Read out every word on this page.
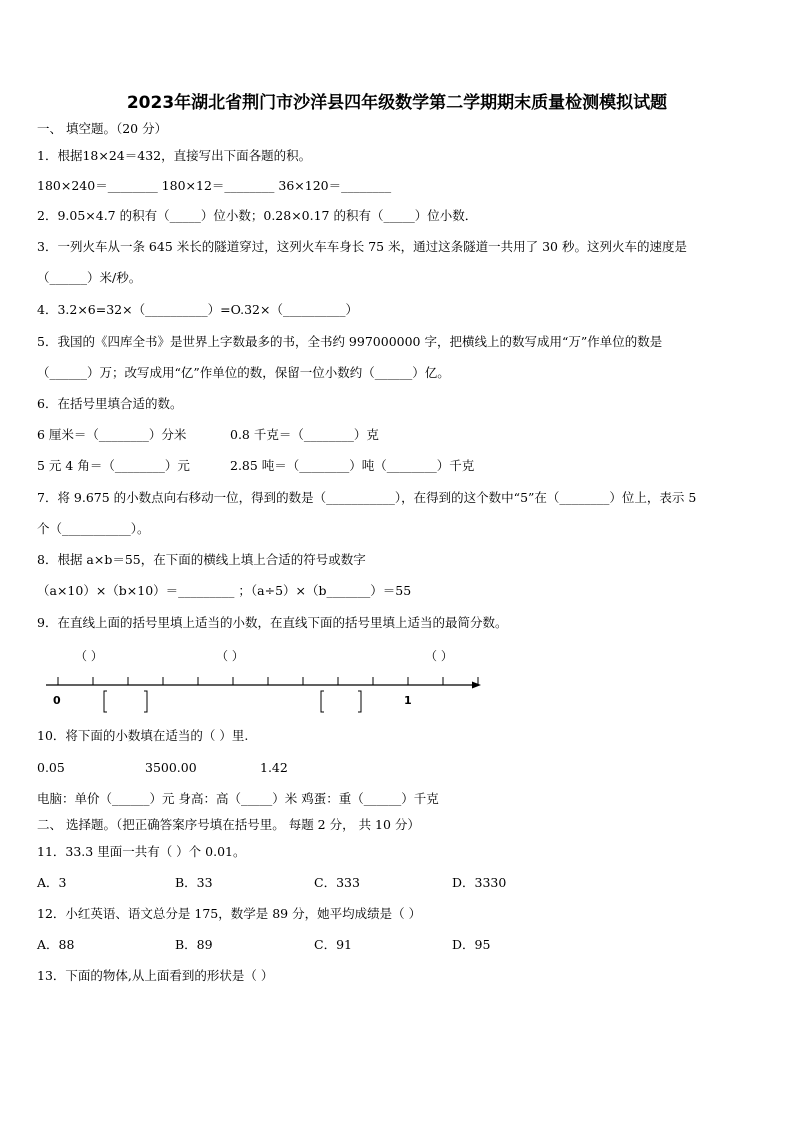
2023年湖北省荆门市沙洋县四年级数学第二学期期末质量检测模拟试题
一、 填空题。（20 分）
1．根据18×24＝432，直接写出下面各题的积。
180×240＝________ 180×12＝________ 36×120＝________
2．9.05×4.7 的积有（_____）位小数；0.28×0.17 的积有（_____）位小数．
3．一列火车从一条 645 米长的隧道穿过，这列火车车身长 75 米，通过这条隧道一共用了 30 秒。这列火车的速度是
（______）米/秒。
4．3.2×6=32×（__________）=O.32×（__________）
5．我国的《四库全书》是世界上字数最多的书，全书约 997000000 字，把横线上的数写成用“万”作单位的数是
（______）万；改写成用“亿”作单位的数，保留一位小数约（______）亿。
6．在括号里填合适的数。
6 厘米＝（________）分米	0.8 千克＝（________）克
5 元 4 角＝（________）元	2.85 吨＝（________）吨（________）千克
7．将 9.675 的小数点向右移动一位，得到的数是（___________），在得到的这个数中“5”在（________）位上，表示 5
个（___________）。
8．根据 a×b＝55，在下面的横线上填上合适的符号或数字
（a×10）×（b×10）＝_________ ；（a÷5）×（b_______）＝55
9．在直线上面的括号里填上适当的小数，在直线下面的括号里填上适当的最简分数。
（ ）	（ ）	（ ）
0	1
10．将下面的小数填在适当的（ ）里.
0.05	3500.00	1.42
电脑：单价（______）元 身高：高（_____）米 鸡蛋：重（______）千克
二、 选择题。（把正确答案序号填在括号里。 每题 2 分， 共 10 分）
11．33.3 里面一共有（ ）个 0.01。
A．3	B．33	C．333	D．3330
12．小红英语、语文总分是 175，数学是 89 分，她平均成绩是（ ）
A．88	B．89	C．91	D．95
13．下面的物体,从上面看到的形状是（ ）
